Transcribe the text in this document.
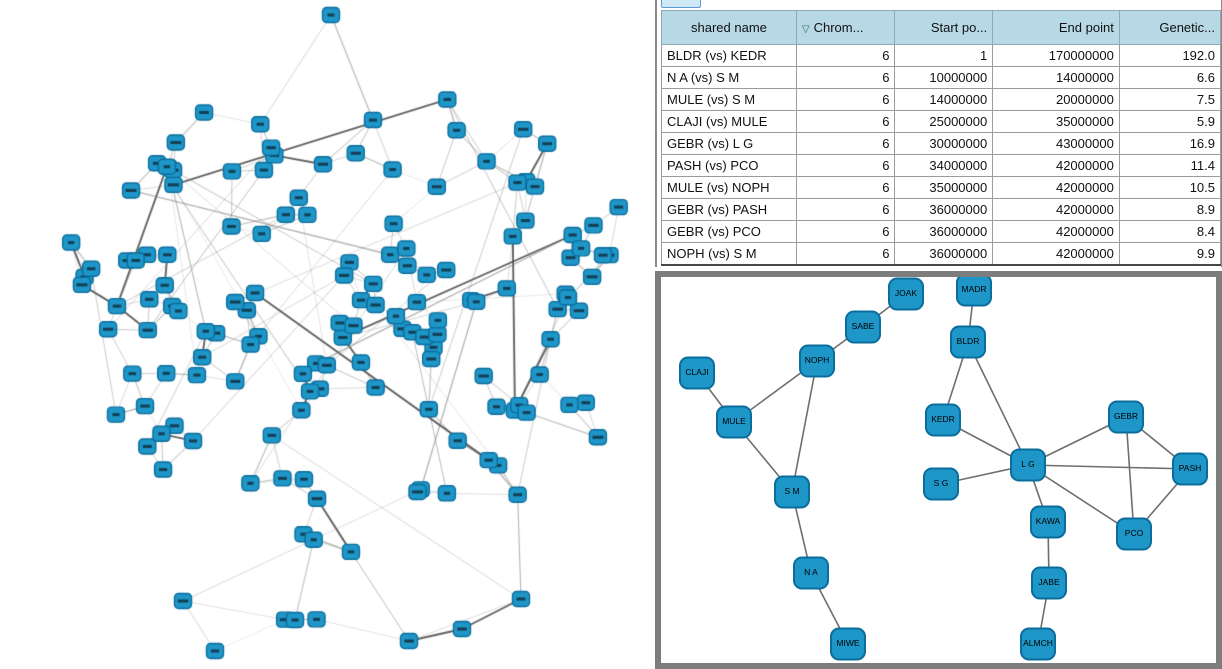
shared name	▽ Chrom...	Start po...	End point	Genetic...
BLDR (vs) KEDR	6	1	170000000	192.0
N A (vs) S M	6	10000000	14000000	6.6
MULE (vs) S M	6	14000000	20000000	7.5
CLAJI (vs) MULE	6	25000000	35000000	5.9
GEBR (vs) L G	6	30000000	43000000	16.9
PASH (vs) PCO	6	34000000	42000000	11.4
MULE (vs) NOPH	6	35000000	42000000	10.5
GEBR (vs) PASH	6	36000000	42000000	8.9
GEBR (vs) PCO	6	36000000	42000000	8.4
NOPH (vs) S M	6	36000000	42000000	9.9
JOAK
SABE
NOPH
CLAJI
MULE
S M
N A
MIWE
MADR
BLDR
KEDR
S G
L G
GEBR
PASH
KAWA
PCO
JABE
ALMCH
